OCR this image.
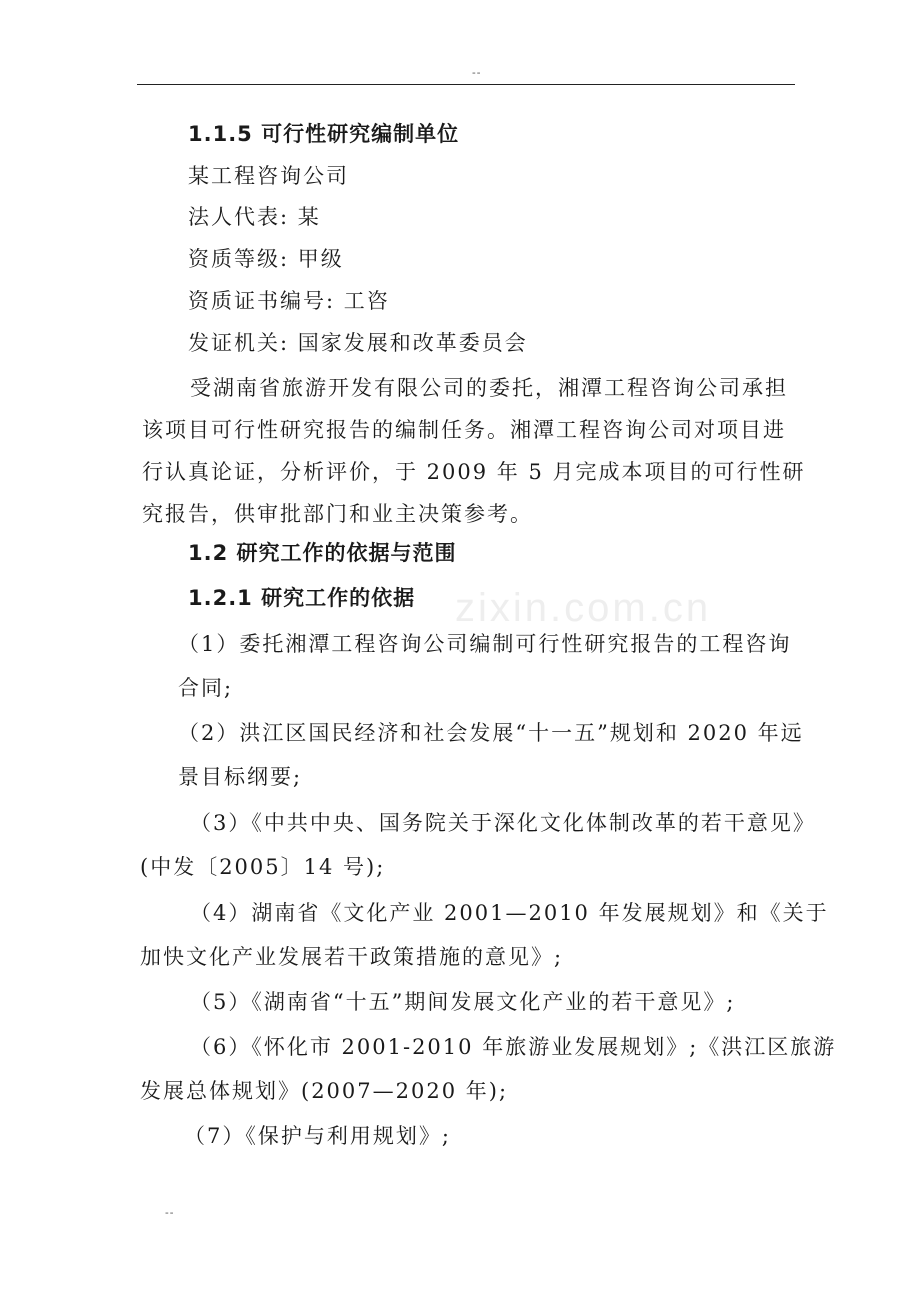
--
zixin.com.cn
1.1.5 可行性研究编制单位
某工程咨询公司
法人代表: 某
资质等级: 甲级
资质证书编号: 工咨
发证机关: 国家发展和改革委员会
受湖南省旅游开发有限公司的委托，湘潭工程咨询公司承担
该项目可行性研究报告的编制任务。湘潭工程咨询公司对项目进
行认真论证，分析评价，于 2009 年 5 月完成本项目的可行性研
究报告，供审批部门和业主决策参考。
1.2 研究工作的依据与范围
1.2.1 研究工作的依据
（1）委托湘潭工程咨询公司编制可行性研究报告的工程咨询
合同;
（2）洪江区国民经济和社会发展“十一五”规划和 2020 年远
景目标纲要;
（3）《中共中央、国务院关于深化文化体制改革的若干意见》
(中发〔2005〕14 号);
（4）湖南省《文化产业 2001—2010 年发展规划》和《关于
加快文化产业发展若干政策措施的意见》;
（5）《湖南省“十五”期间发展文化产业的若干意见》;
（6）《怀化市 2001-2010 年旅游业发展规划》;《洪江区旅游
发展总体规划》(2007—2020 年);
（7）《保护与利用规划》;
--
